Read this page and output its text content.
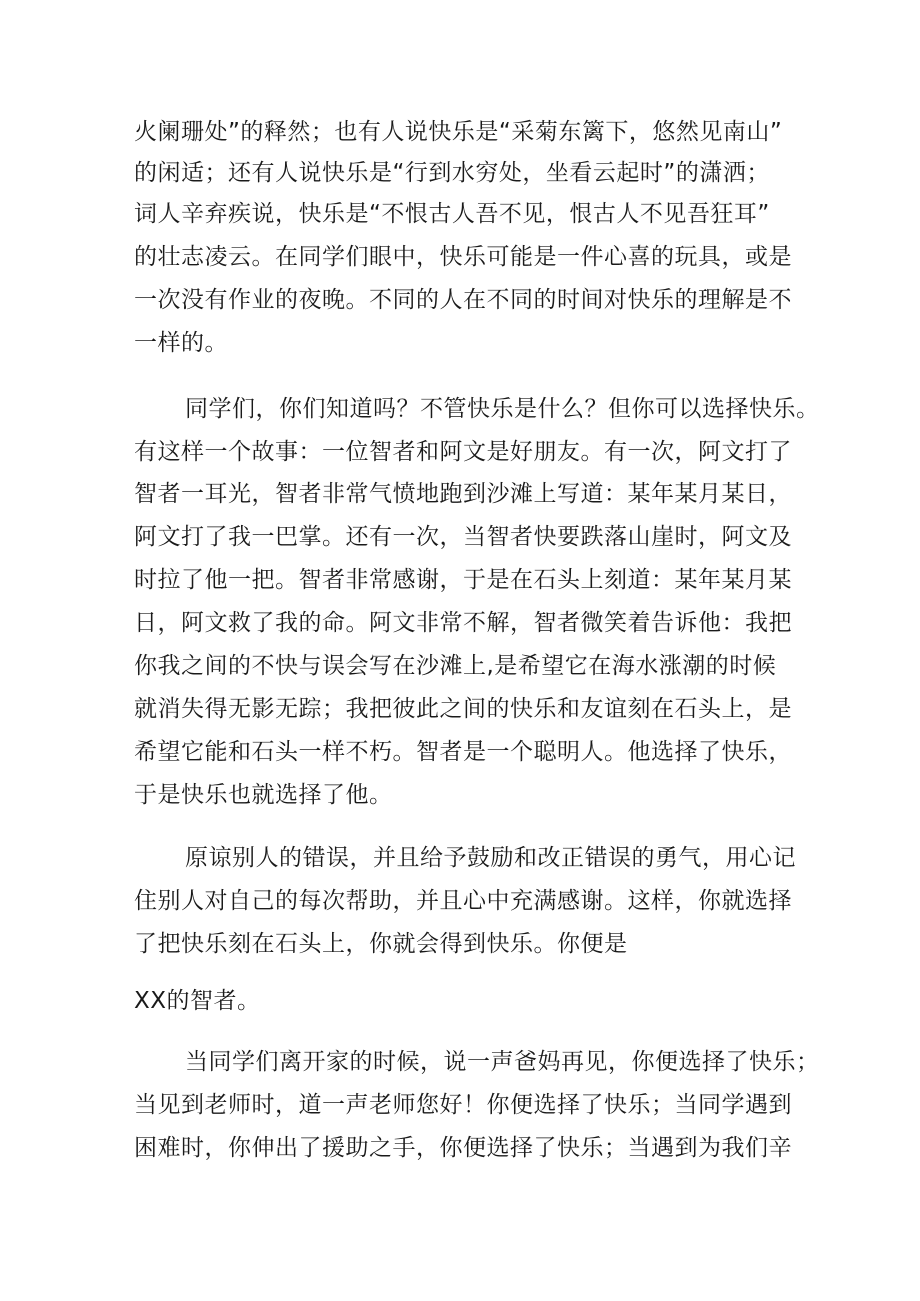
火阑珊处”的释然；也有人说快乐是“采菊东篱下，悠然见南山”
的闲适；还有人说快乐是“行到水穷处，坐看云起时”的潇洒；
词人辛弃疾说，快乐是“不恨古人吾不见，恨古人不见吾狂耳”
的壮志凌云。在同学们眼中，快乐可能是一件心喜的玩具，或是
一次没有作业的夜晚。不同的人在不同的时间对快乐的理解是不
一样的。
同学们，你们知道吗？不管快乐是什么？但你可以选择快乐。
有这样一个故事：一位智者和阿文是好朋友。有一次，阿文打了
智者一耳光，智者非常气愤地跑到沙滩上写道：某年某月某日，
阿文打了我一巴掌。还有一次，当智者快要跌落山崖时，阿文及
时拉了他一把。智者非常感谢，于是在石头上刻道：某年某月某
日，阿文救了我的命。阿文非常不解，智者微笑着告诉他：我把
你我之间的不快与误会写在沙滩上,是希望它在海水涨潮的时候
就消失得无影无踪；我把彼此之间的快乐和友谊刻在石头上，是
希望它能和石头一样不朽。智者是一个聪明人。他选择了快乐，
于是快乐也就选择了他。
原谅别人的错误，并且给予鼓励和改正错误的勇气，用心记
住别人对自己的每次帮助，并且心中充满感谢。这样，你就选择
了把快乐刻在石头上，你就会得到快乐。你便是
XX的智者。
当同学们离开家的时候，说一声爸妈再见，你便选择了快乐；
当见到老师时，道一声老师您好！你便选择了快乐；当同学遇到
困难时，你伸出了援助之手，你便选择了快乐；当遇到为我们辛
